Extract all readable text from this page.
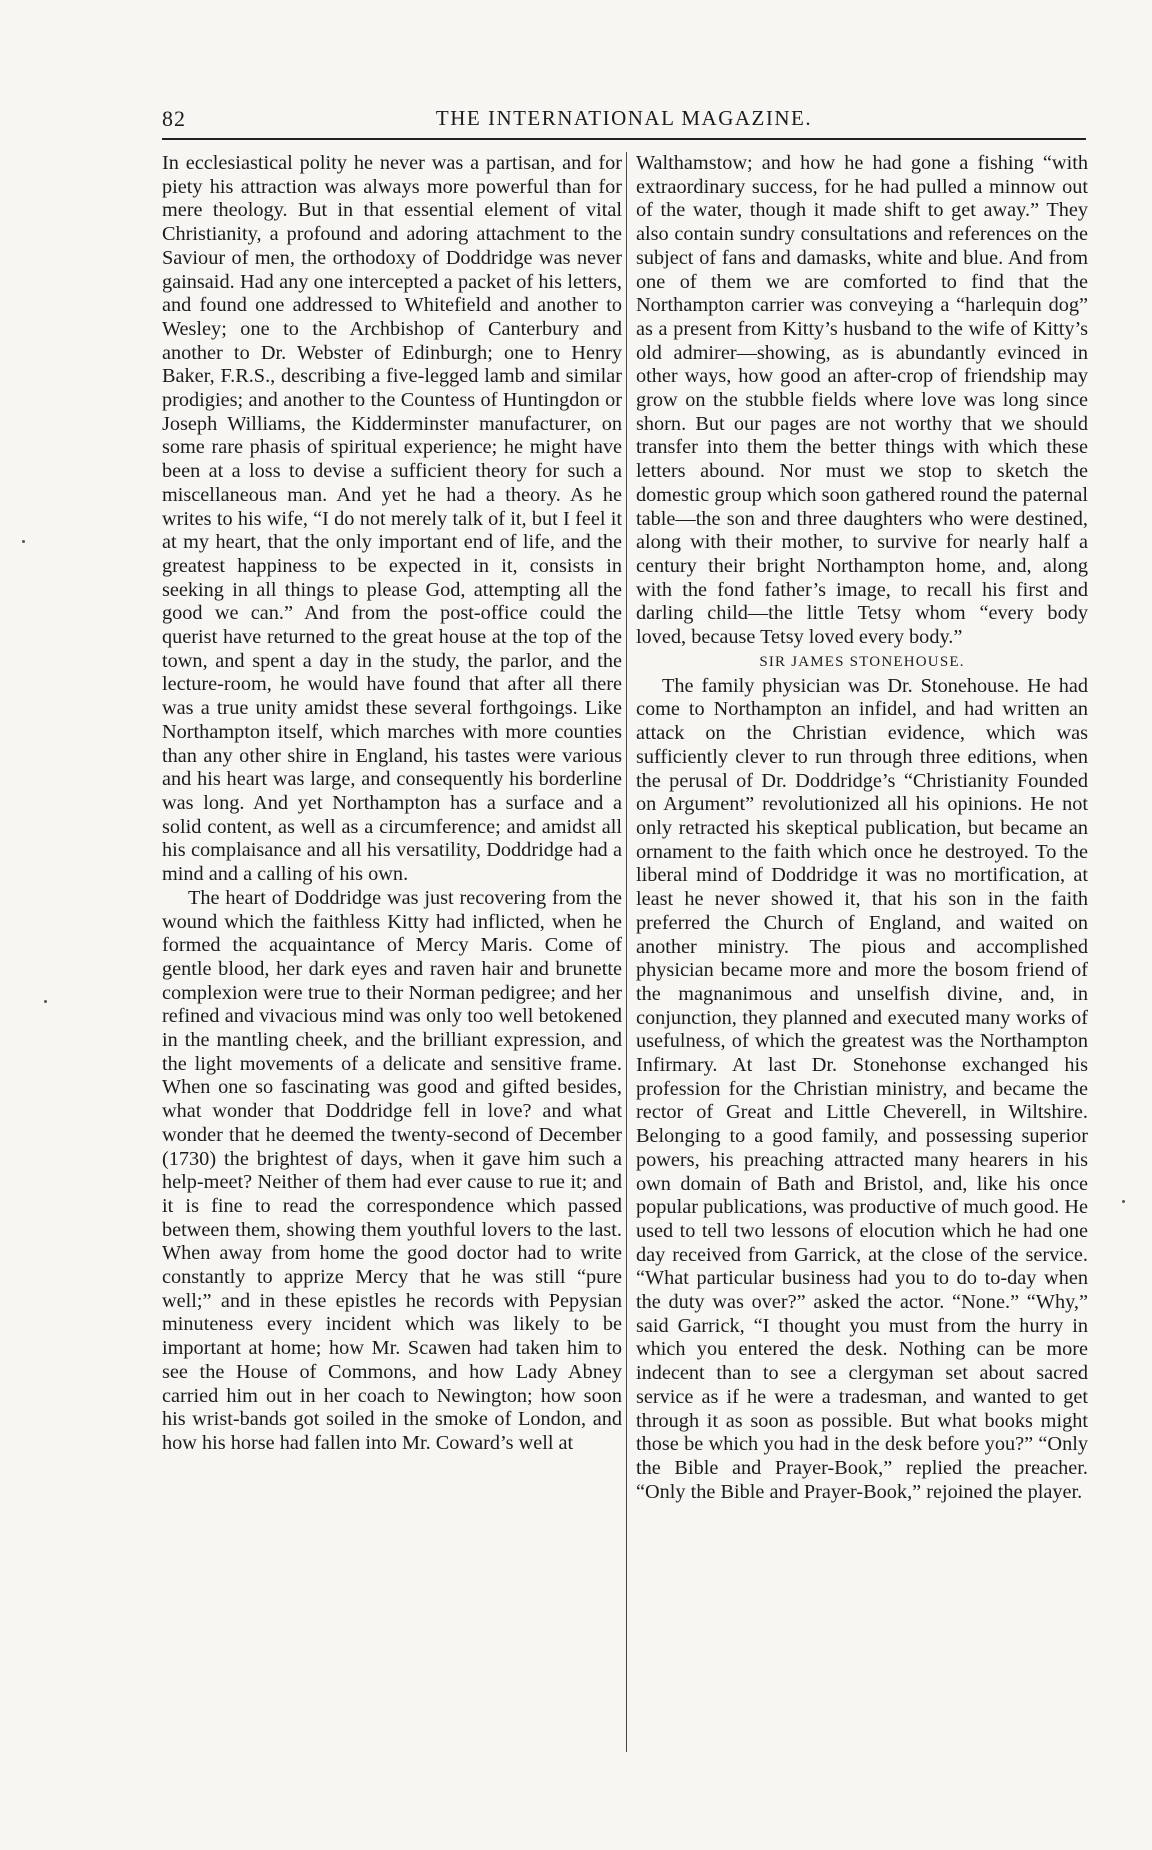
82	THE INTERNATIONAL MAGAZINE.

In ecclesiastical polity he never was a partisan, and for piety his attraction was always more powerful than for mere theology. But in that essential element of vital Christianity, a profound and adoring attachment to the Saviour of men, the orthodoxy of Doddridge was never gainsaid. Had any one intercepted a packet of his letters, and found one addressed to Whitefield and another to Wesley; one to the Archbishop of Canterbury and another to Dr. Webster of Edinburgh; one to Henry Baker, F.R.S., describing a five-legged lamb and similar prodigies; and another to the Countess of Huntingdon or Joseph Williams, the Kidderminster manufacturer, on some rare phasis of spiritual experience; he might have been at a loss to devise a sufficient theory for such a miscellaneous man. And yet he had a theory. As he writes to his wife, “I do not merely talk of it, but I feel it at my heart, that the only important end of life, and the greatest happiness to be expected in it, consists in seeking in all things to please God, attempting all the good we can.” And from the post-office could the querist have returned to the great house at the top of the town, and spent a day in the study, the parlor, and the lecture-room, he would have found that after all there was a true unity amidst these several forthgoings. Like Northampton itself, which marches with more counties than any other shire in England, his tastes were various and his heart was large, and consequently his borderline was long. And yet Northampton has a surface and a solid content, as well as a circumference; and amidst all his complaisance and all his versatility, Doddridge had a mind and a calling of his own.

The heart of Doddridge was just recovering from the wound which the faithless Kitty had inflicted, when he formed the acquaintance of Mercy Maris. Come of gentle blood, her dark eyes and raven hair and brunette complexion were true to their Norman pedigree; and her refined and vivacious mind was only too well betokened in the mantling cheek, and the brilliant expression, and the light movements of a delicate and sensitive frame. When one so fascinating was good and gifted besides, what wonder that Doddridge fell in love? and what wonder that he deemed the twenty-second of December (1730) the brightest of days, when it gave him such a help-meet? Neither of them had ever cause to rue it; and it is fine to read the correspondence which passed between them, showing them youthful lovers to the last. When away from home the good doctor had to write constantly to apprize Mercy that he was still “pure well;” and in these epistles he records with Pepysian minuteness every incident which was likely to be important at home; how Mr. Scawen had taken him to see the House of Commons, and how Lady Abney carried him out in her coach to Newington; how soon his wrist-bands got soiled in the smoke of London, and how his horse had fallen into Mr. Coward’s well at

Walthamstow; and how he had gone a fishing “with extraordinary success, for he had pulled a minnow out of the water, though it made shift to get away.” They also contain sundry consultations and references on the subject of fans and damasks, white and blue. And from one of them we are comforted to find that the Northampton carrier was conveying a “harlequin dog” as a present from Kitty’s husband to the wife of Kitty’s old admirer—showing, as is abundantly evinced in other ways, how good an after-crop of friendship may grow on the stubble fields where love was long since shorn. But our pages are not worthy that we should transfer into them the better things with which these letters abound. Nor must we stop to sketch the domestic group which soon gathered round the paternal table—the son and three daughters who were destined, along with their mother, to survive for nearly half a century their bright Northampton home, and, along with the fond father’s image, to recall his first and darling child—the little Tetsy whom “every body loved, because Tetsy loved every body.”

SIR JAMES STONEHOUSE.

The family physician was Dr. Stonehouse. He had come to Northampton an infidel, and had written an attack on the Christian evidence, which was sufficiently clever to run through three editions, when the perusal of Dr. Doddridge’s “Christianity Founded on Argument” revolutionized all his opinions. He not only retracted his skeptical publication, but became an ornament to the faith which once he destroyed. To the liberal mind of Doddridge it was no mortification, at least he never showed it, that his son in the faith preferred the Church of England, and waited on another ministry. The pious and accomplished physician became more and more the bosom friend of the magnanimous and unselfish divine, and, in conjunction, they planned and executed many works of usefulness, of which the greatest was the Northampton Infirmary. At last Dr. Stonehonse exchanged his profession for the Christian ministry, and became the rector of Great and Little Cheverell, in Wiltshire. Belonging to a good family, and possessing superior powers, his preaching attracted many hearers in his own domain of Bath and Bristol, and, like his once popular publications, was productive of much good. He used to tell two lessons of elocution which he had one day received from Garrick, at the close of the service. “What particular business had you to do to-day when the duty was over?” asked the actor. “None.” “Why,” said Garrick, “I thought you must from the hurry in which you entered the desk. Nothing can be more indecent than to see a clergyman set about sacred service as if he were a tradesman, and wanted to get through it as soon as possible. But what books might those be which you had in the desk before you?” “Only the Bible and Prayer-Book,” replied the preacher. “Only the Bible and Prayer-Book,” rejoined the player.
